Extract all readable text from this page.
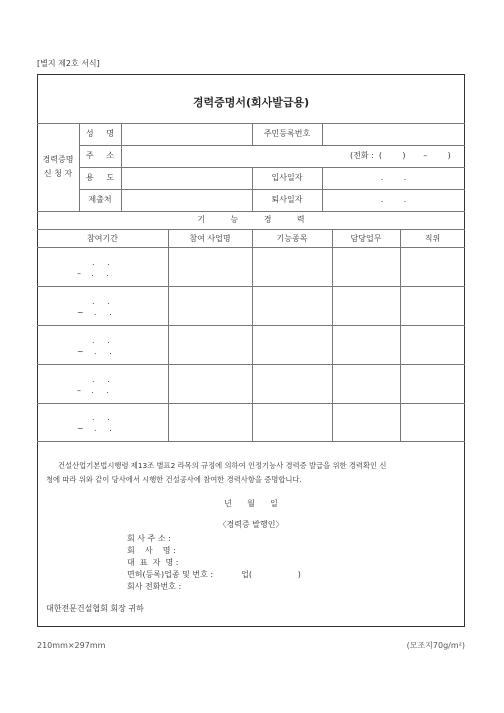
[별지 제2호 서식]
경력증명서(회사발급용)
경력증명
신 청 자
성     명	주민등록번호
주     소	(전화 :  (        )       –        )
용     도	입사일자	.        .
제출처	퇴사일자	.        .
기          능          경          력
참여기간	참여 사업명	기능종목	담당업무	직위
.     .
–    .     .
.     .
~    .     .
.     .
~    .     .
.     .
–    .     .
.     .
~    .     .
건설산업기본법시행령 제13조 별표2 라목의 규정에 의하여 인정기능사 경력증 발급을 위한 경력확인 신
청에 따라 위와 같이 당사에서 시행한 건설공사에 참여한 경력사항을 증명합니다.
년      월      일
〈경력증 발행인〉
회 사 주 소 :
회    사    명 :
대  표  자  명 :
면허(등록)업종 및 번호 :           업(                  )
회사 전화번호 :
대한전문건설협회 회장 귀하
210mm×297mm	(모조지70g/m²)
